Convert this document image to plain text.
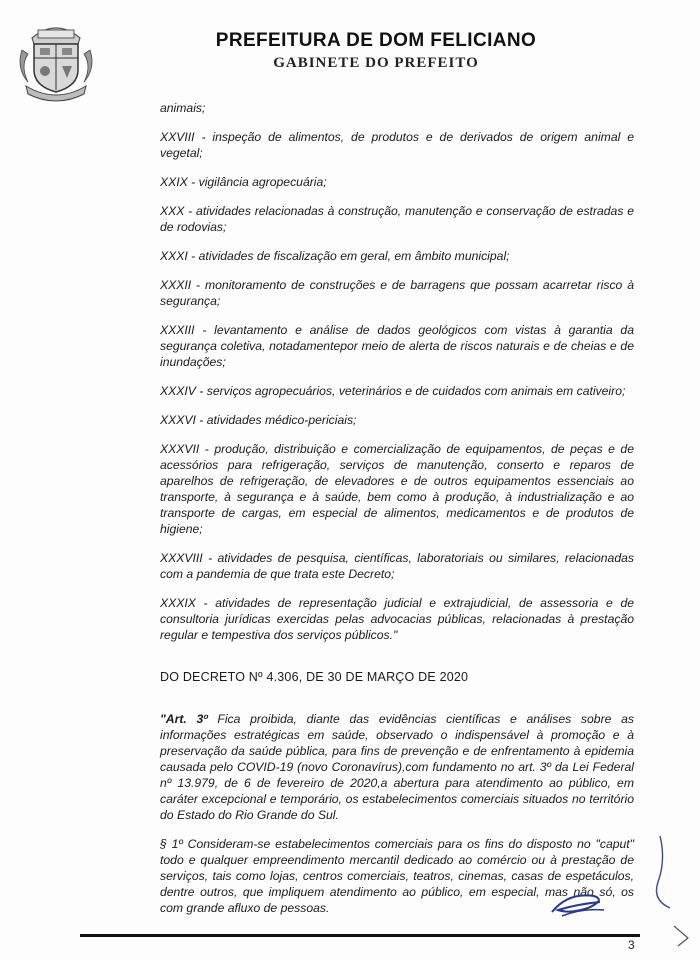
PREFEITURA DE DOM FELICIANO
GABINETE DO PREFEITO

animais;

XXVIII - inspeção de alimentos, de produtos e de derivados de origem animal e vegetal;

XXIX - vigilância agropecuária;

XXX - atividades relacionadas à construção, manutenção e conservação de estradas e de rodovias;

XXXI - atividades de fiscalização em geral, em âmbito municipal;

XXXII - monitoramento de construções e de barragens que possam acarretar risco à segurança;

XXXIII - levantamento e análise de dados geológicos com vistas à garantia da segurança coletiva, notadamentepor meio de alerta de riscos naturais e de cheias e de inundações;

XXXIV - serviços agropecuários, veterinários e de cuidados com animais em cativeiro;

XXXVI - atividades médico-periciais;

XXXVII - produção, distribuição e comercialização de equipamentos, de peças e de acessórios para refrigeração, serviços de manutenção, conserto e reparos de aparelhos de refrigeração, de elevadores e de outros equipamentos essenciais ao transporte, à segurança e à saúde, bem como à produção, à industrialização e ao transporte de cargas, em especial de alimentos, medicamentos e de produtos de higiene;

XXXVIII - atividades de pesquisa, científicas, laboratoriais ou similares, relacionadas com a pandemia de que trata este Decreto;

XXXIX - atividades de representação judicial e extrajudicial, de assessoria e de consultoria jurídicas exercidas pelas advocacias públicas, relacionadas à prestação regular e tempestiva dos serviços públicos."

DO DECRETO Nº 4.306, DE 30 DE MARÇO DE 2020

"Art. 3º Fica proibida, diante das evidências científicas e análises sobre as informações estratégicas em saúde, observado o indispensável à promoção e à preservação da saúde pública, para fins de prevenção e de enfrentamento à epidemia causada pelo COVID-19 (novo Coronavírus),com fundamento no art. 3º da Lei Federal nº 13.979, de 6 de fevereiro de 2020,a abertura para atendimento ao público, em caráter excepcional e temporário, os estabelecimentos comerciais situados no território do Estado do Rio Grande do Sul.

§ 1º Consideram-se estabelecimentos comerciais para os fins do disposto no "caput" todo e qualquer empreendimento mercantil dedicado ao comércio ou à prestação de serviços, tais como lojas, centros comerciais, teatros, cinemas, casas de espetáculos, dentre outros, que impliquem atendimento ao público, em especial, mas não só, os com grande afluxo de pessoas.

3
